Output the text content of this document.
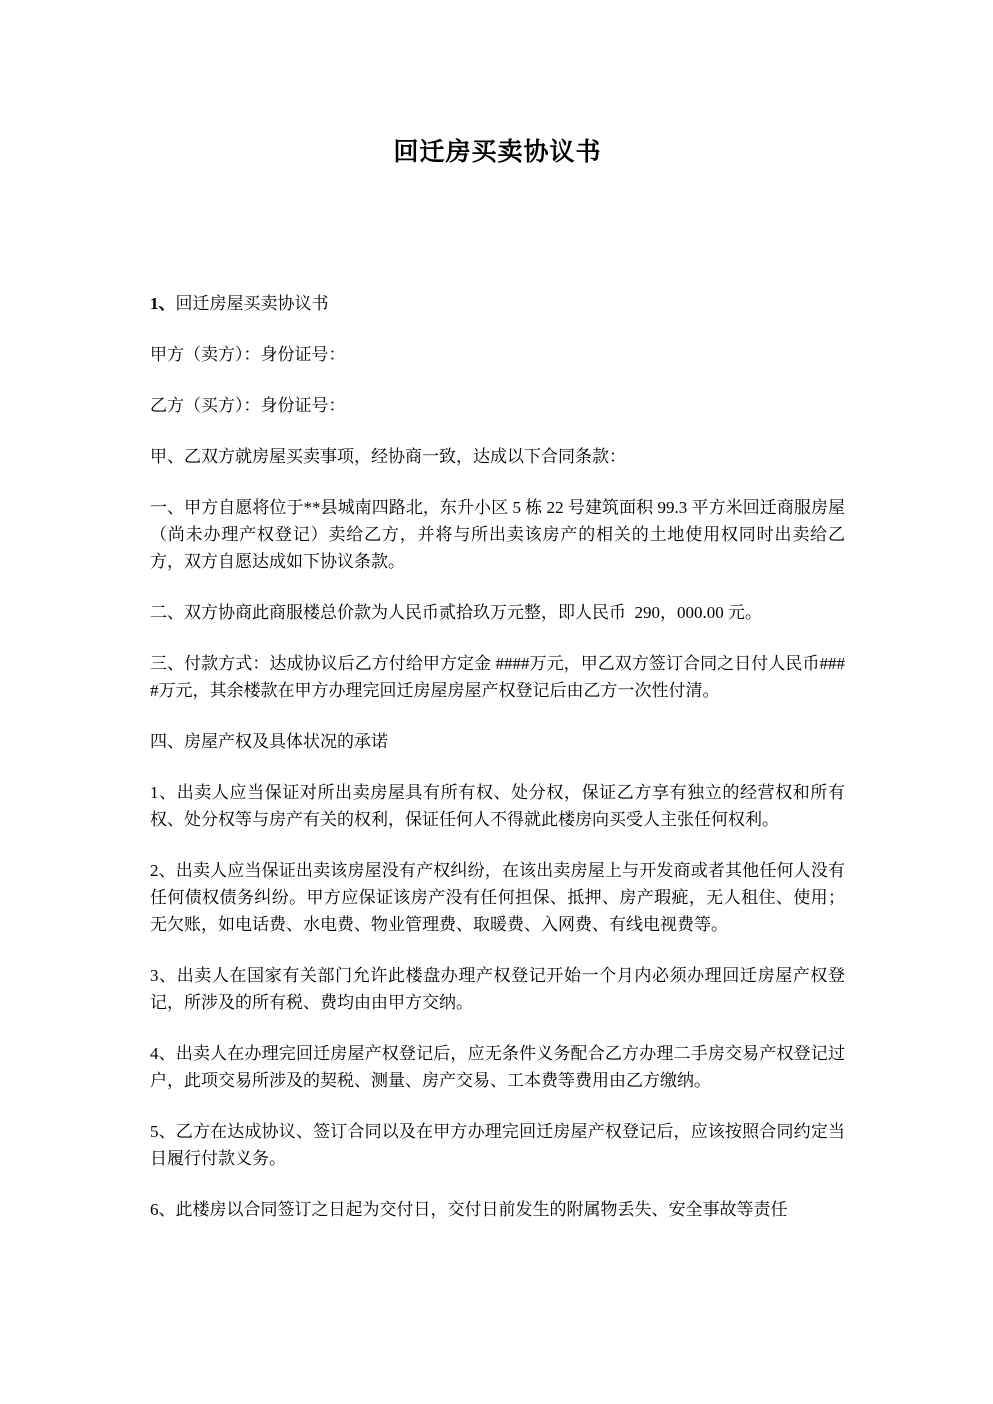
回迁房买卖协议书

1、回迁房屋买卖协议书

甲方（卖方）：身份证号：

乙方（买方）：身份证号：

甲、乙双方就房屋买卖事项，经协商一致，达成以下合同条款：

一、甲方自愿将位于**县城南四路北，东升小区 5 栋 22 号建筑面积 99.3 平方米回迁商服房屋（尚未办理产权登记）卖给乙方，并将与所出卖该房产的相关的土地使用权同时出卖给乙方，双方自愿达成如下协议条款。

二、双方协商此商服楼总价款为人民币贰拾玖万元整，即人民币  290，000.00 元。

三、付款方式：达成协议后乙方付给甲方定金 ####万元，甲乙双方签订合同之日付人民币####万元，其余楼款在甲方办理完回迁房屋房屋产权登记后由乙方一次性付清。

四、房屋产权及具体状况的承诺

1、出卖人应当保证对所出卖房屋具有所有权、处分权，保证乙方享有独立的经营权和所有权、处分权等与房产有关的权利，保证任何人不得就此楼房向买受人主张任何权利。

2、出卖人应当保证出卖该房屋没有产权纠纷，在该出卖房屋上与开发商或者其他任何人没有任何债权债务纠纷。甲方应保证该房产没有任何担保、抵押、房产瑕疵，无人租住、使用；无欠账，如电话费、水电费、物业管理费、取暖费、入网费、有线电视费等。

3、出卖人在国家有关部门允许此楼盘办理产权登记开始一个月内必须办理回迁房屋产权登记，所涉及的所有税、费均由由甲方交纳。

4、出卖人在办理完回迁房屋产权登记后，应无条件义务配合乙方办理二手房交易产权登记过户，此项交易所涉及的契税、测量、房产交易、工本费等费用由乙方缴纳。

5、乙方在达成协议、签订合同以及在甲方办理完回迁房屋产权登记后，应该按照合同约定当日履行付款义务。

6、此楼房以合同签订之日起为交付日，交付日前发生的附属物丢失、安全事故等责任
